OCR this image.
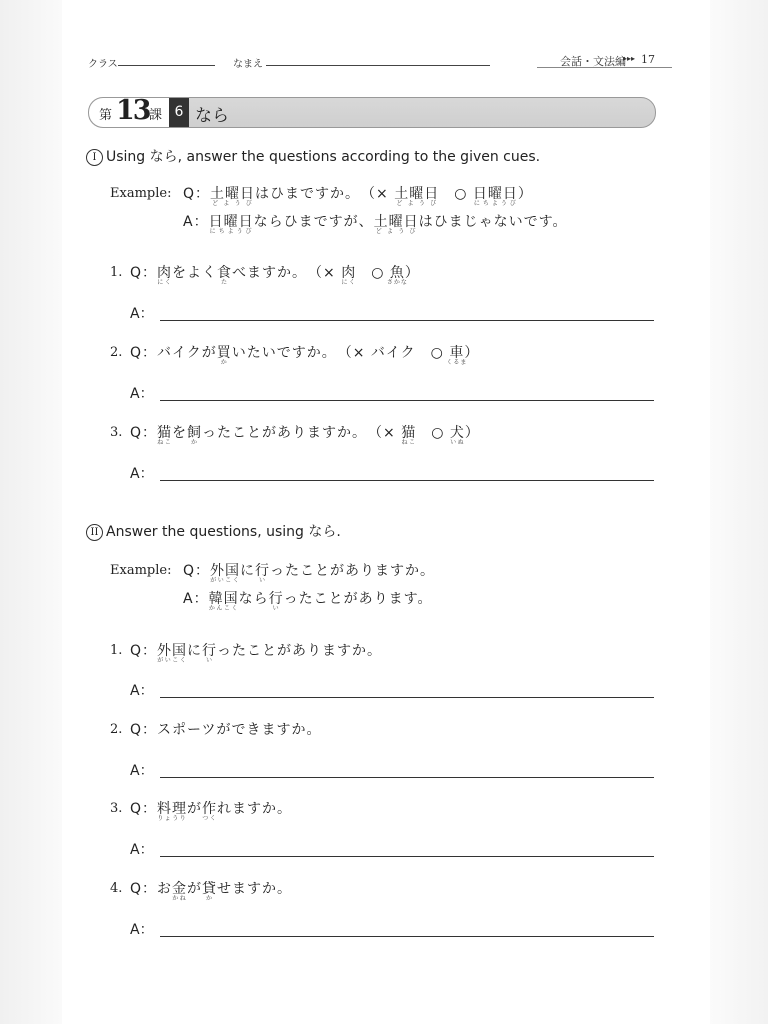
クラス	なまえ	会話・文法編
▸▸▸ 17
第 13 課 6 なら
I Using なら, answer the questions according to the given cues.
Example: Q：土曜日どようびはひまですか。　（× 土曜日どようび　○ 日曜日にちようび）
A：日曜日にちようびならひまですが、土曜日どようびはひまじゃないです。
1. Q：肉にくをよく食たべますか。　（× 肉にく　○ 魚さかな）
A：
2. Q：バイクが買かいたいですか。　（× バイク　○ 車くるま）
A：
3. Q：猫ねこを飼かったことがありますか。　（× 猫ねこ　○ 犬いぬ）
A：
II Answer the questions, using なら.
Example: Q：外国がいこくに行いったことがありますか。
A：韓国かんこくなら行いったことがあります。
1. Q：外国がいこくに行いったことがありますか。
A：
2. Q：スポーツができますか。
A：
3. Q：料理りょうりが作つくれますか。
A：
4. Q：お金かねが貸かせますか。
A：
